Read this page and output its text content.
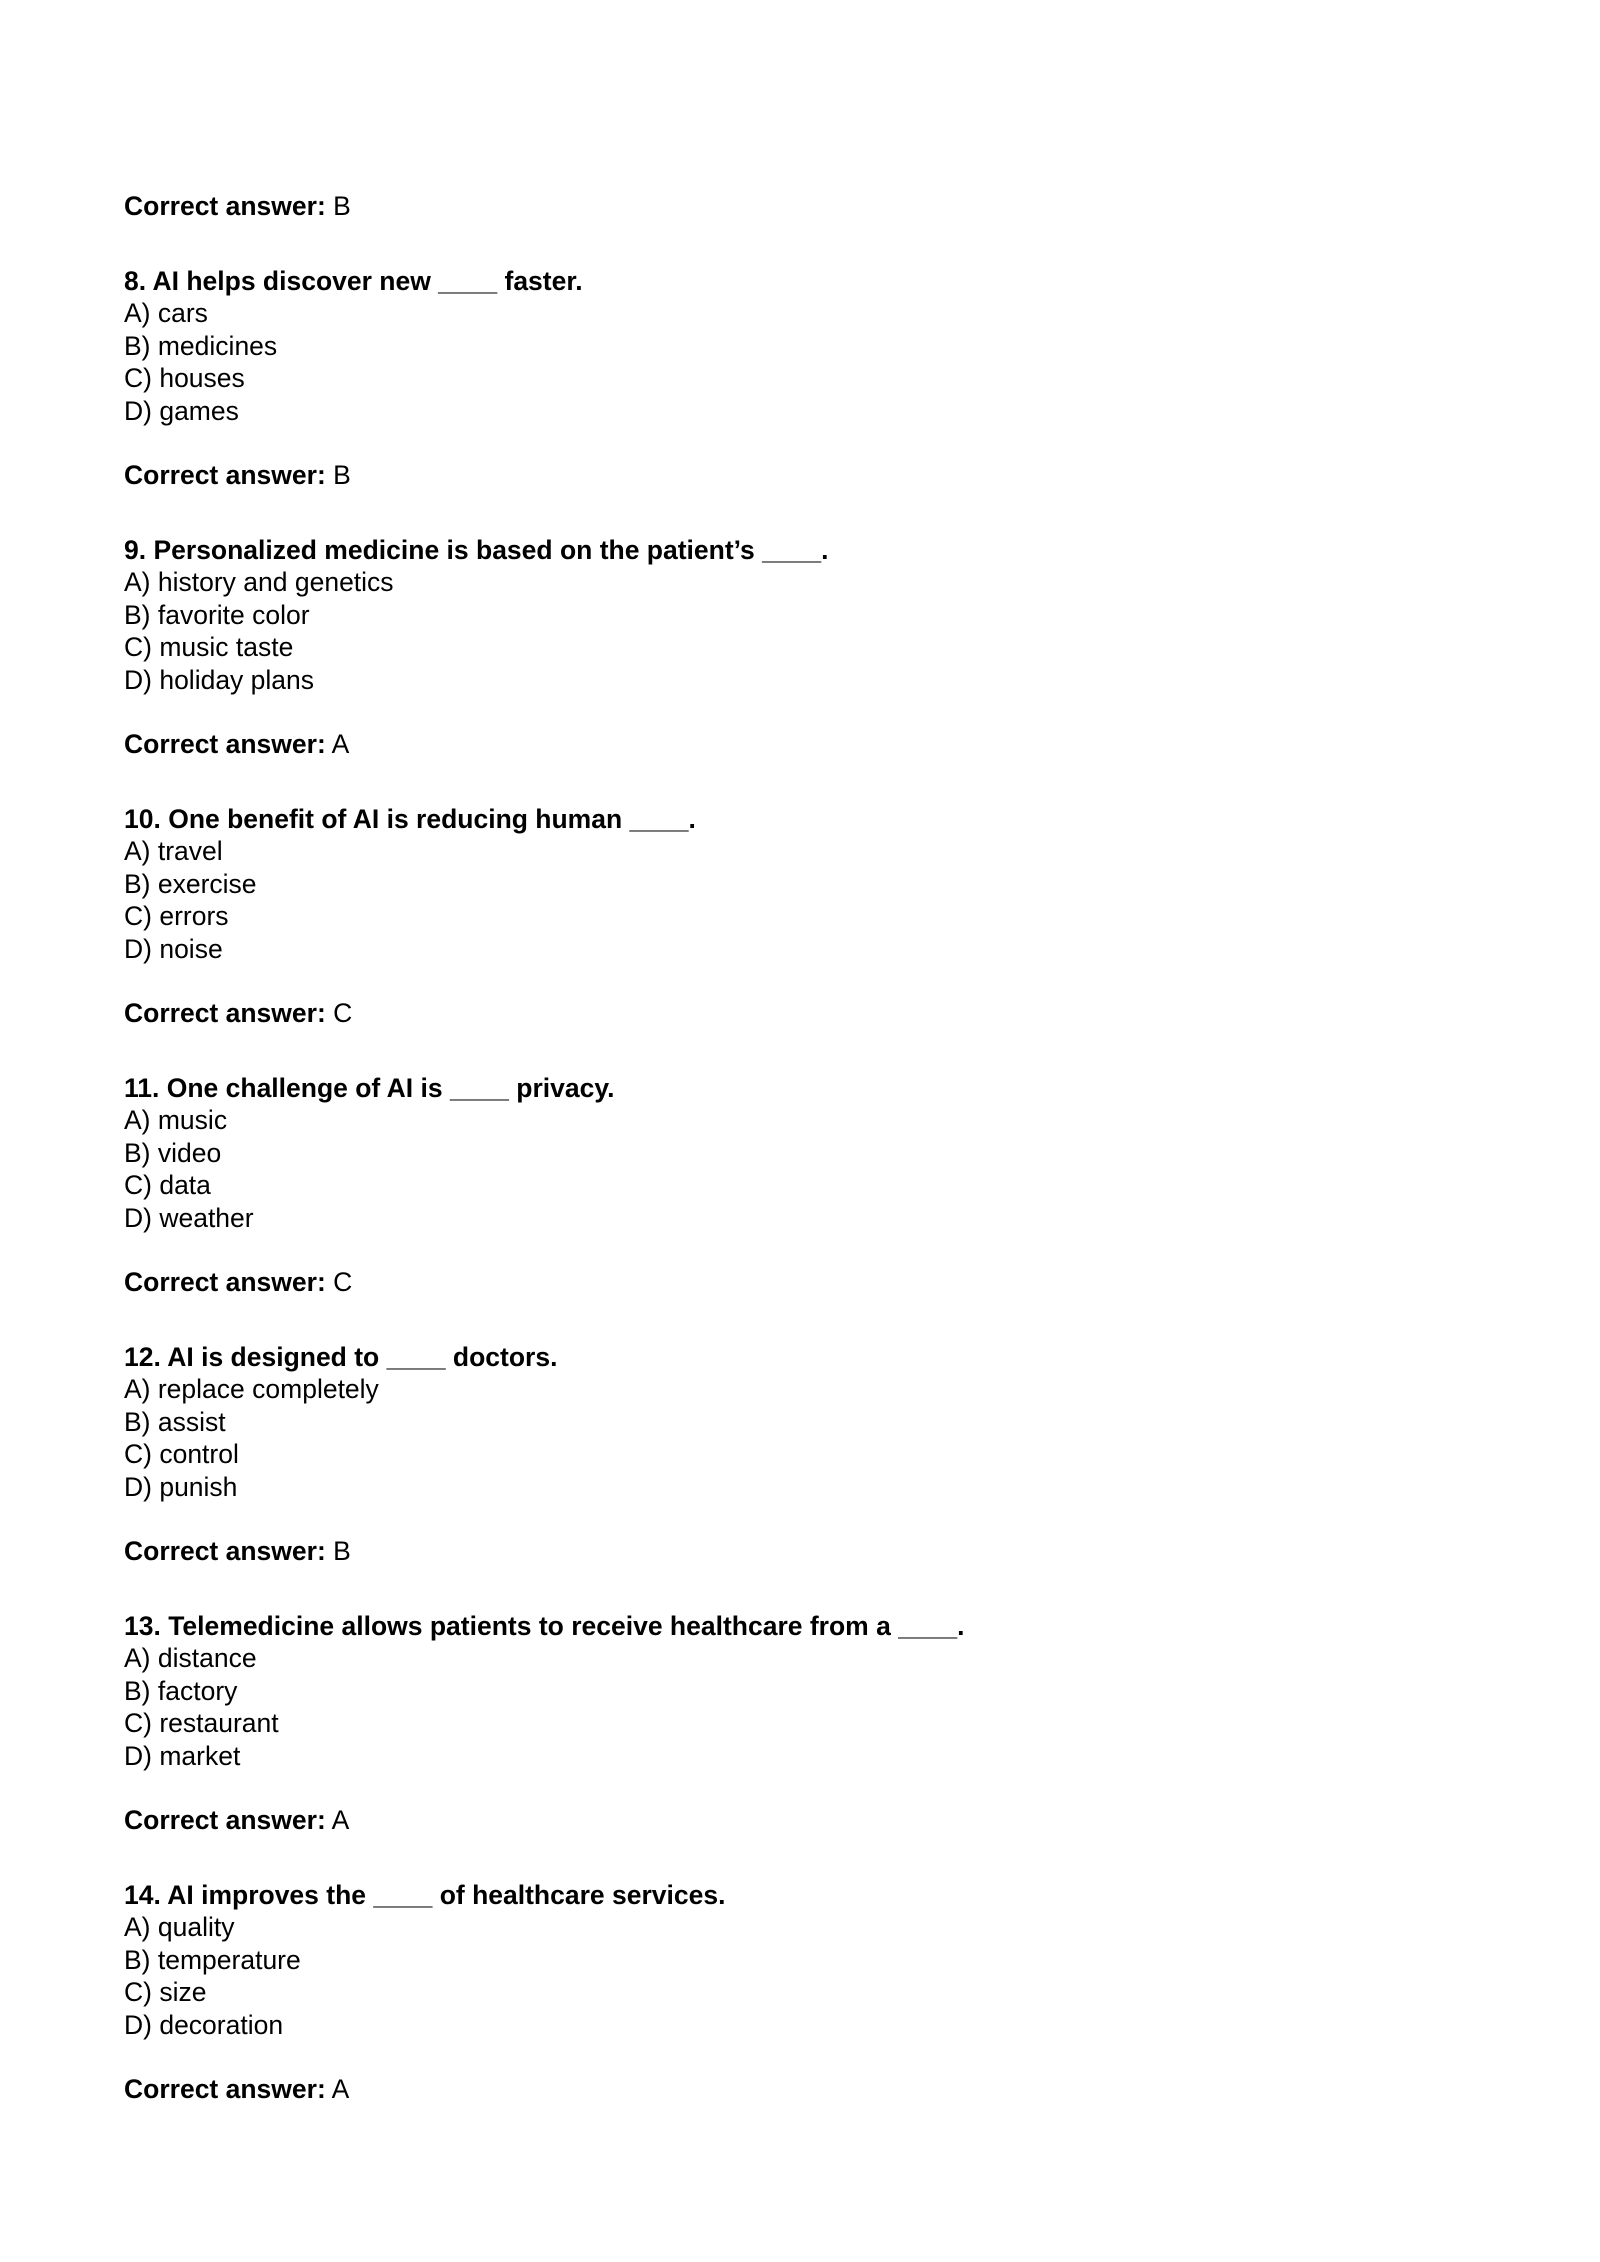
Correct answer: B
8. AI helps discover new ____ faster.
A) cars
B) medicines
C) houses
D) games
Correct answer: B
9. Personalized medicine is based on the patient’s ____.
A) history and genetics
B) favorite color
C) music taste
D) holiday plans
Correct answer: A
10. One benefit of AI is reducing human ____.
A) travel
B) exercise
C) errors
D) noise
Correct answer: C
11. One challenge of AI is ____ privacy.
A) music
B) video
C) data
D) weather
Correct answer: C
12. AI is designed to ____ doctors.
A) replace completely
B) assist
C) control
D) punish
Correct answer: B
13. Telemedicine allows patients to receive healthcare from a ____.
A) distance
B) factory
C) restaurant
D) market
Correct answer: A
14. AI improves the ____ of healthcare services.
A) quality
B) temperature
C) size
D) decoration
Correct answer: A
